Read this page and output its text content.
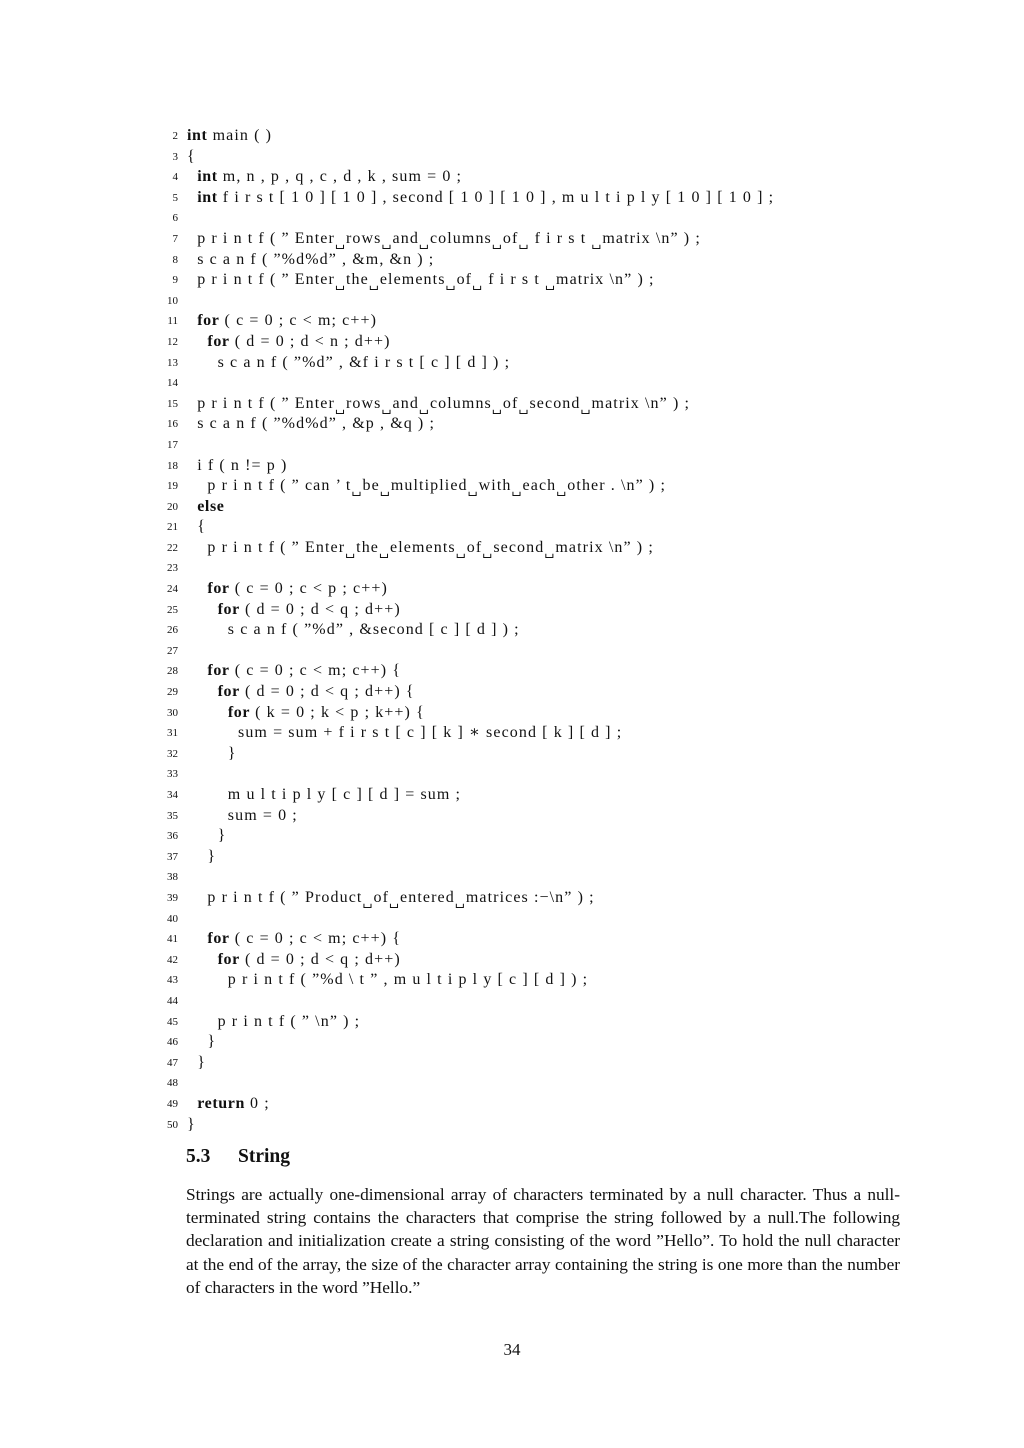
2 int main ( )
3 {
4	int m, n , p , q , c , d , k , sum = 0 ;
5	int f i r s t [ 1 0 ] [ 1 0 ] , second [ 1 0 ] [ 1 0 ] , m u l t i p l y [ 1 0 ] [ 1 0 ] ;
6
7 p r i n t f ( ” Enter␣rows␣and␣columns␣of␣ f i r s t ␣matrix \n” ) ;
8 s c a n f ( ”%d%d” , &m, &n ) ;
9 p r i n t f ( ” Enter␣the␣elements␣of␣ f i r s t ␣matrix \n” ) ;
10
11	for ( c = 0 ; c < m; c++)
12	for ( d = 0 ; d < n ; d++)
13 s c a n f ( ”%d” , &f i r s t [ c ] [ d ] ) ;
14
15 p r i n t f ( ” Enter␣rows␣and␣columns␣of␣second␣matrix \n” ) ;
16 s c a n f ( ”%d%d” , &p , &q ) ;
17
18 i f ( n != p )
19 p r i n t f ( ” can ’ t␣be␣multiplied␣with␣each␣other . \n” ) ;
20	else
21 {
22 p r i n t f ( ” Enter␣the␣elements␣of␣second␣matrix \n” ) ;
23
24	for ( c = 0 ; c < p ; c++)
25	for ( d = 0 ; d < q ; d++)
26 s c a n f ( ”%d” , &second [ c ] [ d ] ) ;
27
28	for ( c = 0 ; c < m; c++) {
29	for ( d = 0 ; d < q ; d++) {
30	for ( k = 0 ; k < p ; k++) {
31 sum = sum + f i r s t [ c ] [ k ] ∗ second [ k ] [ d ] ;
32 }
33
34 m u l t i p l y [ c ] [ d ] = sum ;
35 sum = 0 ;
36 }
37 }
38
39 p r i n t f ( ” Product␣of␣entered␣matrices :−\n” ) ;
40
41	for ( c = 0 ; c < m; c++) {
42	for ( d = 0 ; d < q ; d++)
43 p r i n t f ( ”%d \ t ” , m u l t i p l y [ c ] [ d ] ) ;
44
45 p r i n t f ( ” \n” ) ;
46 }
47 }
48
49	return 0 ;
50 }
5.3 String

Strings are actually one-dimensional array of characters terminated by a null character. Thus a null-terminated string contains the characters that comprise the string followed by a null.The following declaration and initialization create a string consisting of the word ”Hello”. To hold the null character at the end of the array, the size of the character array containing the string is one more than the number of characters in the word ”Hello.”

34
